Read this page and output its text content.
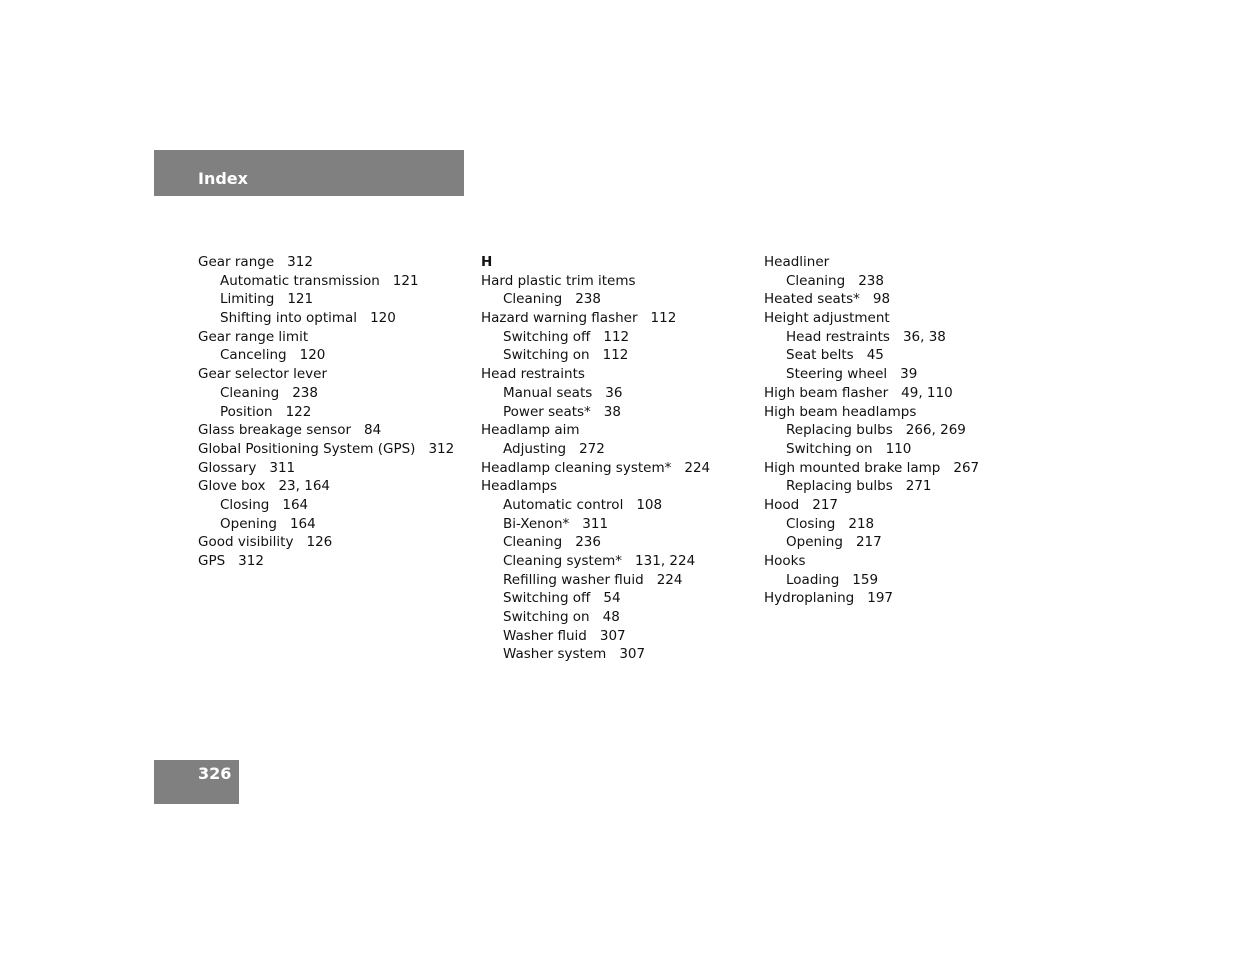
Index
Gear range 312
Automatic transmission 121
Limiting 121
Shifting into optimal 120
Gear range limit
Canceling 120
Gear selector lever
Cleaning 238
Position 122
Glass breakage sensor 84
Global Positioning System (GPS) 312
Glossary 311
Glove box 23, 164
Closing 164
Opening 164
Good visibility 126
GPS 312
H
Hard plastic trim items
Cleaning 238
Hazard warning flasher 112
Switching off 112
Switching on 112
Head restraints
Manual seats 36
Power seats* 38
Headlamp aim
Adjusting 272
Headlamp cleaning system* 224
Headlamps
Automatic control 108
Bi-Xenon* 311
Cleaning 236
Cleaning system* 131, 224
Refilling washer fluid 224
Switching off 54
Switching on 48
Washer fluid 307
Washer system 307
Headliner
Cleaning 238
Heated seats* 98
Height adjustment
Head restraints 36, 38
Seat belts 45
Steering wheel 39
High beam flasher 49, 110
High beam headlamps
Replacing bulbs 266, 269
Switching on 110
High mounted brake lamp 267
Replacing bulbs 271
Hood 217
Closing 218
Opening 217
Hooks
Loading 159
Hydroplaning 197
326
